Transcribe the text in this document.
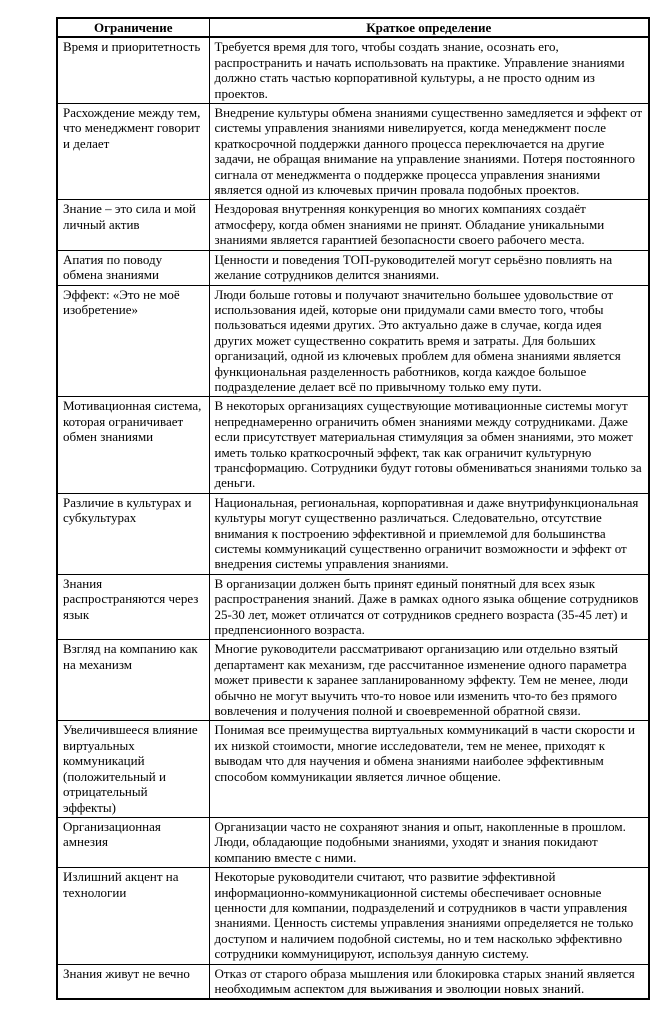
Ограничение	Краткое определение
Время и приоритетность	Требуется время для того, чтобы создать знание, осознать его, распространить и начать использовать на практике. Управление знаниями должно стать частью корпоративной культуры, а не просто одним из проектов.
Расхождение между тем, что менеджмент говорит и делает	Внедрение культуры обмена знаниями существенно замедляется и эффект от системы управления знаниями нивелируется, когда менеджмент после краткосрочной поддержки данного процесса переключается на другие задачи, не обращая внимание на управление знаниями. Потеря постоянного сигнала от менеджмента о поддержке процесса управления знаниями является одной из ключевых причин провала подобных проектов.
Знание – это сила и мой личный актив	Нездоровая внутренняя конкуренция во многих компаниях создаёт атмосферу, когда обмен знаниями не принят. Обладание уникальными знаниями является гарантией безопасности своего рабочего места.
Апатия по поводу обмена знаниями	Ценности и поведения ТОП-руководителей могут серьёзно повлиять на желание сотрудников делится знаниями.
Эффект: «Это не моё изобретение»	Люди больше готовы и получают значительно большее удовольствие от использования идей, которые они придумали сами вместо того, чтобы пользоваться идеями других. Это актуально даже в случае, когда идея других может существенно сократить время и затраты. Для больших организаций, одной из ключевых проблем для обмена знаниями является функциональная разделенность работников, когда каждое большое подразделение делает всё по привычному только ему пути.
Мотивационная система, которая ограничивает обмен знаниями	В некоторых организациях существующие мотивационные системы могут непреднамеренно ограничить обмен знаниями между сотрудниками. Даже если присутствует материальная стимуляция за обмен знаниями, это может иметь только краткосрочный эффект, так как ограничит культурную трансформацию. Сотрудники будут готовы обмениваться знаниями только за деньги.
Различие в культурах и субкультурах	Национальная, региональная, корпоративная и даже внутрифункциональная культуры могут существенно различаться. Следовательно, отсутствие внимания к построению эффективной и приемлемой для большинства системы коммуникаций существенно ограничит возможности и эффект от внедрения системы управления знаниями.
Знания распространяются через язык	В организации должен быть принят единый понятный для всех язык распространения знаний. Даже в рамках одного языка общение сотрудников 25-30 лет, может отличатся от сотрудников среднего возраста (35-45 лет) и предпенсионного возраста.
Взгляд на компанию как на механизм	Многие руководители рассматривают организацию или отдельно взятый департамент как механизм, где рассчитанное изменение одного параметра может привести к заранее запланированному эффекту. Тем не менее, люди обычно не могут выучить что-то новое или изменить что-то без прямого вовлечения и получения полной и своевременной обратной связи.
Увеличившееся влияние виртуальных коммуникаций (положительный и отрицательный эффекты)	Понимая все преимущества виртуальных коммуникаций в части скорости и их низкой стоимости, многие исследователи, тем не менее, приходят к выводам что для научения и обмена знаниями наиболее эффективным способом коммуникации является личное общение.
Организационная амнезия	Организации часто не сохраняют знания и опыт, накопленные в прошлом. Люди, обладающие подобными знаниями, уходят и знания покидают компанию вместе с ними.
Излишний акцент на технологии	Некоторые руководители считают, что развитие эффективной информационно-коммуникационной системы обеспечивает основные ценности для компании, подразделений и сотрудников в части управления знаниями. Ценность системы управления знаниями определяется не только доступом и наличием подобной системы, но и тем насколько эффективно сотрудники коммуницируют, используя данную систему.
Знания живут не вечно	Отказ от старого образа мышления или блокировка старых знаний является необходимым аспектом для выживания и эволюции новых знаний.
